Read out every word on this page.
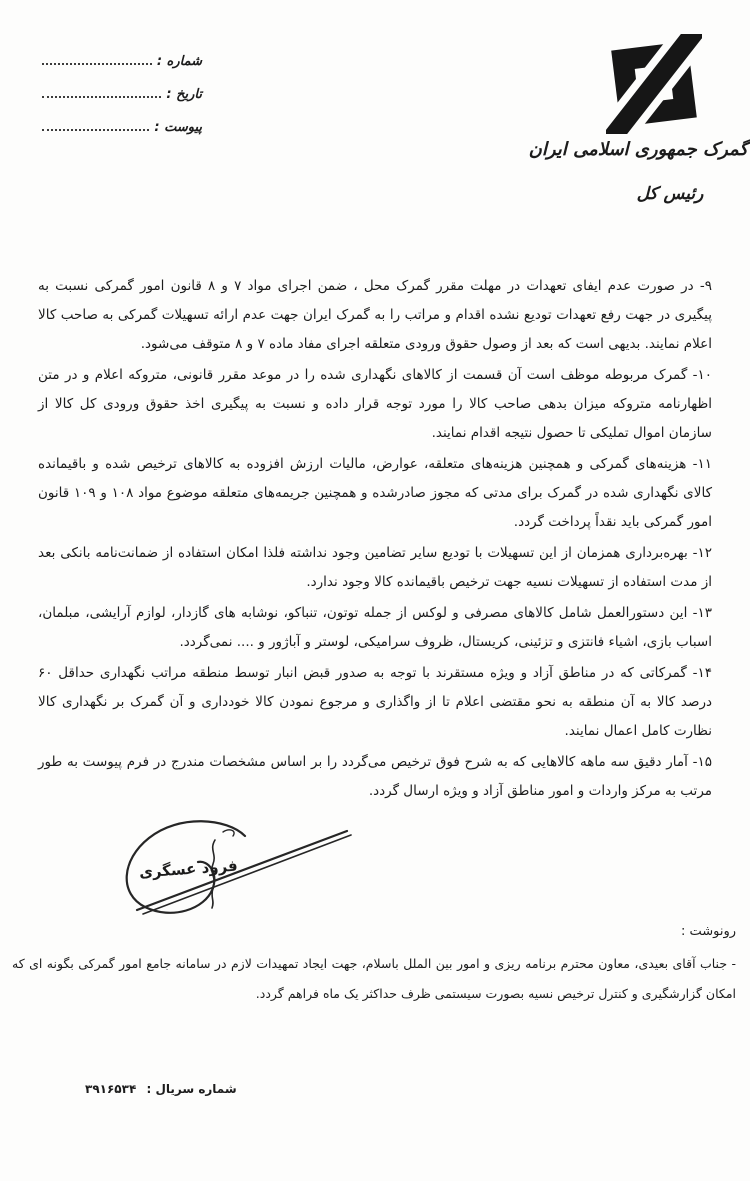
شماره :
تاریخ :
پیوست :
گمرک جمهوری اسلامی ایران
رئیس کل

۹- در صورت عدم ایفای تعهدات در مهلت مقرر گمرک محل ، ضمن اجرای مواد ۷ و ۸ قانون امور گمرکی نسبت به پیگیری در جهت رفع تعهدات تودیع نشده اقدام و مراتب را به گمرک ایران جهت عدم ارائه تسهیلات گمرکی به صاحب کالا اعلام نمایند. بدیهی است که بعد از وصول حقوق ورودی متعلقه اجرای مفاد ماده ۷ و ۸ متوقف می‌شود.

۱۰- گمرک مربوطه موظف است آن قسمت از کالاهای نگهداری شده را در موعد مقرر قانونی، متروکه اعلام و در متن اظهارنامه متروکه میزان بدهی صاحب کالا را مورد توجه قرار داده و نسبت به پیگیری اخذ حقوق ورودی کل کالا از سازمان اموال تملیکی تا حصول نتیجه اقدام نمایند.

۱۱- هزینه‌های گمرکی و همچنین هزینه‌های متعلقه، عوارض، مالیات ارزش افزوده به کالاهای ترخیص شده و باقیمانده کالای نگهداری شده در گمرک برای مدتی که مجوز صادرشده و همچنین جریمه‌های متعلقه موضوع مواد ۱۰۸ و ۱۰۹ قانون امور گمرکی باید نقداً پرداخت گردد.

۱۲- بهره‌برداری همزمان از این تسهیلات با تودیع سایر تضامین وجود نداشته فلذا امکان استفاده از ضمانت‌نامه بانکی بعد از مدت استفاده از تسهیلات نسیه جهت ترخیص باقیمانده کالا وجود ندارد.

۱۳- این دستورالعمل شامل کالاهای مصرفی و لوکس از جمله توتون، تنباکو، نوشابه های گازدار، لوازم آرایشی، مبلمان، اسباب بازی، اشیاء فانتزی و تزئینی، کریستال، ظروف سرامیکی، لوستر و آباژور و .... نمی‌گردد.

۱۴- گمرکاتی که در مناطق آزاد و ویژه مستقرند با توجه به صدور قبض انبار توسط منطقه مراتب نگهداری حداقل ۶۰ درصد کالا به آن منطقه به نحو مقتضی اعلام تا از واگذاری و مرجوع نمودن کالا خودداری و آن گمرک بر نگهداری کالا نظارت کامل اعمال نمایند.

۱۵- آمار دقیق سه ماهه کالاهایی که به شرح فوق ترخیص می‌گردد را بر اساس مشخصات مندرج در فرم پیوست به طور مرتب به مرکز واردات و امور مناطق آزاد و ویژه ارسال گردد.

فرود عسگری
رونوشت :

- جناب آقای بعیدی، معاون محترم برنامه ریزی و امور بین الملل باسلام، جهت ایجاد تمهیدات لازم در سامانه جامع امور گمرکی بگونه ای که امکان گزارشگیری و کنترل ترخیص نسیه بصورت سیستمی ظرف حداکثر یک ماه فراهم گردد.

شماره سریال : ۳۹۱۶۵۳۴
